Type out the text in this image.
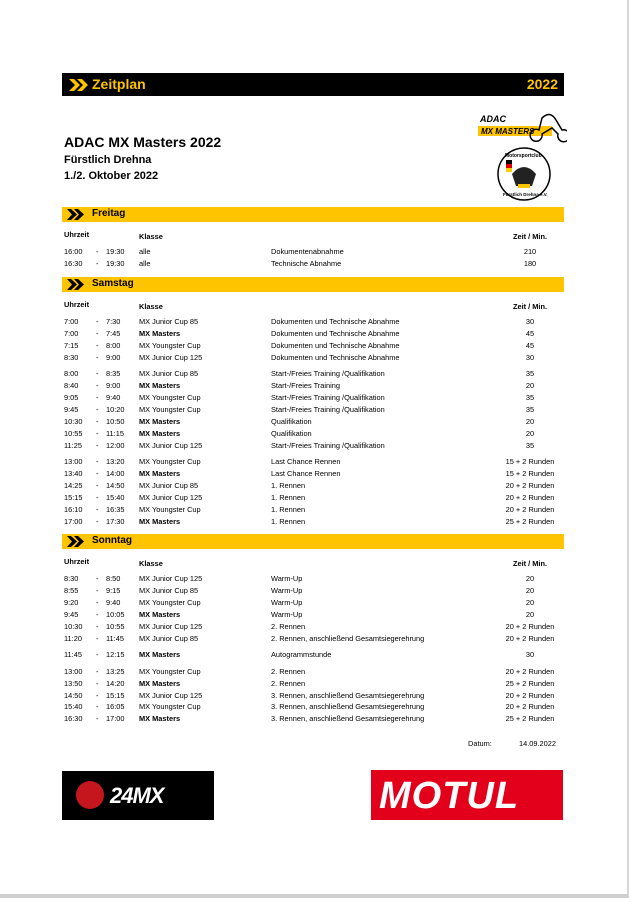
Zeitplan	2022
ADAC MX Masters 2022
Fürstlich Drehna
1./2. Oktober 2022
ADAC
MX MASTERS
Motorsportclub
Fürstlich Drehna e.V.
Freitag
Uhrzeit	Klasse	Zeit / Min.
16:00 - 19:30 alle	Dokumentenabnahme	210
16:30 - 19:30 alle	Technische Abnahme	180
Samstag
Uhrzeit	Klasse	Zeit / Min.
7:00 - 7:30	MX Junior Cup 85	Dokumenten und Technische Abnahme	30
7:00 - 7:45	MX Masters	Dokumenten und Technische Abnahme	45
7:15 - 8:00	MX Youngster Cup	Dokumenten und Technische Abnahme	45
8:30 - 9:00	MX Junior Cup 125	Dokumenten und Technische Abnahme	30
8:00 - 8:35	MX Junior Cup 85	Start-/Freies Training /Qualifikation	35
8:40 - 9:00	MX Masters	Start-/Freies Training	20
9:05 - 9:40	MX Youngster Cup	Start-/Freies Training /Qualifikation	35
9:45 - 10:20 MX Youngster Cup	Start-/Freies Training /Qualifikation	35
10:30 - 10:50 MX Masters	Qualifikation	20
10:55 - 11:15 MX Masters	Qualifikation	20
11:25 - 12:00 MX Junior Cup 125	Start-/Freies Training /Qualifikation	35
13:00 - 13:20 MX Youngster Cup	Last Chance Rennen	15 + 2 Runden
13:40 - 14:00 MX Masters	Last Chance Rennen	15 + 2 Runden
14:25 - 14:50 MX Junior Cup 85	1. Rennen	20 + 2 Runden
15:15 - 15:40 MX Junior Cup 125	1. Rennen	20 + 2 Runden
16:10 - 16:35 MX Youngster Cup	1. Rennen	20 + 2 Runden
17:00 - 17:30 MX Masters	1. Rennen	25 + 2 Runden
Sonntag
Uhrzeit	Klasse	Zeit / Min.
8:30 - 8:50	MX Junior Cup 125	Warm-Up	20
8:55 - 9:15	MX Junior Cup 85	Warm-Up	20
9:20 - 9:40	MX Youngster Cup	Warm-Up	20
9:45 - 10:05 MX Masters	Warm-Up	20
10:30 - 10:55 MX Junior Cup 125	2. Rennen	20 + 2 Runden
11:20 - 11:45 MX Junior Cup 85	2. Rennen, anschließend Gesamtsiegerehrung	20 + 2 Runden
11:45 - 12:15 MX Masters	Autogrammstunde	30
13:00 - 13:25 MX Youngster Cup	2. Rennen	20 + 2 Runden
13:50 - 14:20 MX Masters	2. Rennen	25 + 2 Runden
14:50 - 15:15 MX Junior Cup 125	3. Rennen, anschließend Gesamtsiegerehrung	20 + 2 Runden
15:40 - 16:05 MX Youngster Cup	3. Rennen, anschließend Gesamtsiegerehrung	20 + 2 Runden
16:30 - 17:00 MX Masters	3. Rennen, anschließend Gesamtsiegerehrung	25 + 2 Runden
Datum:	14.09.2022
24MX	MOTUL
